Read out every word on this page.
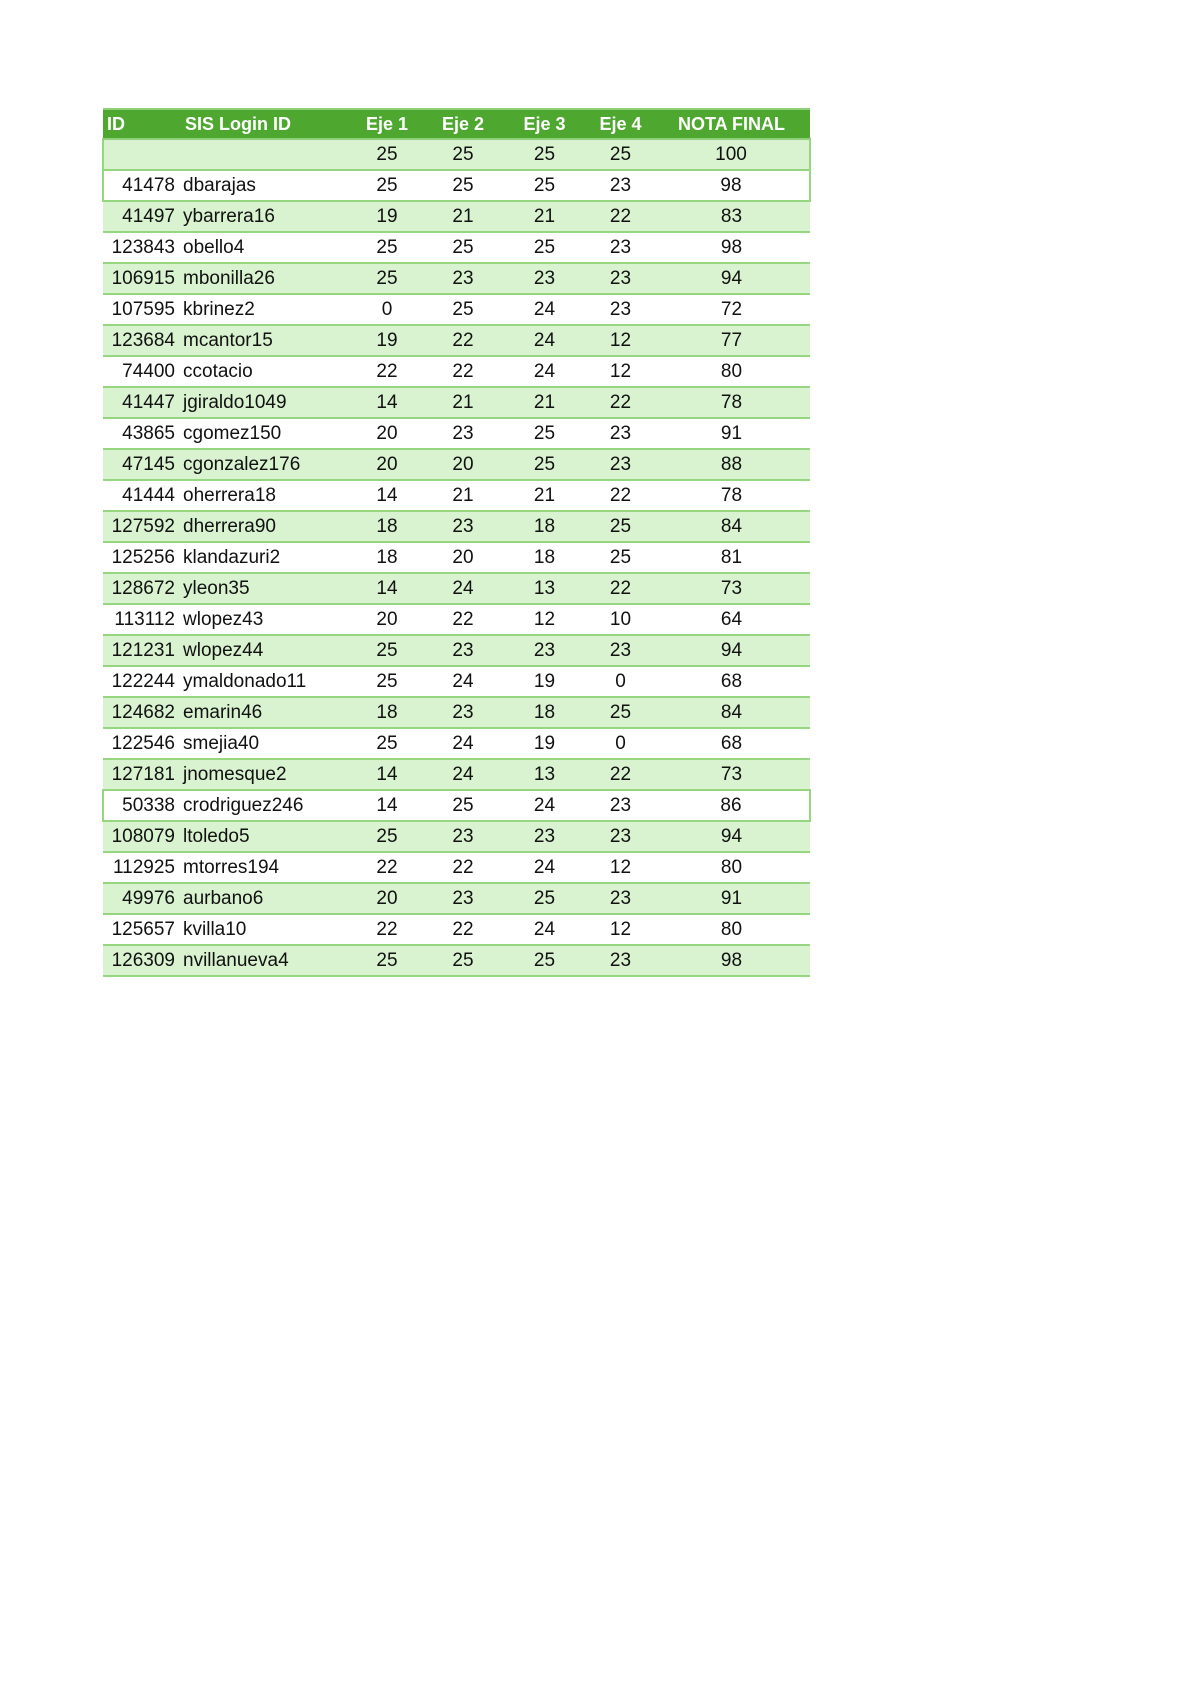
ID	SIS Login ID	Eje 1	Eje 2	Eje 3	Eje 4	NOTA FINAL
		25	25	25	25	100
41478	dbarajas	25	25	25	23	98
41497	ybarrera16	19	21	21	22	83
123843	obello4	25	25	25	23	98
106915	mbonilla26	25	23	23	23	94
107595	kbrinez2	0	25	24	23	72
123684	mcantor15	19	22	24	12	77
74400	ccotacio	22	22	24	12	80
41447	jgiraldo1049	14	21	21	22	78
43865	cgomez150	20	23	25	23	91
47145	cgonzalez176	20	20	25	23	88
41444	oherrera18	14	21	21	22	78
127592	dherrera90	18	23	18	25	84
125256	klandazuri2	18	20	18	25	81
128672	yleon35	14	24	13	22	73
113112	wlopez43	20	22	12	10	64
121231	wlopez44	25	23	23	23	94
122244	ymaldonado11	25	24	19	0	68
124682	emarin46	18	23	18	25	84
122546	smejia40	25	24	19	0	68
127181	jnomesque2	14	24	13	22	73
50338	crodriguez246	14	25	24	23	86
108079	ltoledo5	25	23	23	23	94
112925	mtorres194	22	22	24	12	80
49976	aurbano6	20	23	25	23	91
125657	kvilla10	22	22	24	12	80
126309	nvillanueva4	25	25	25	23	98
